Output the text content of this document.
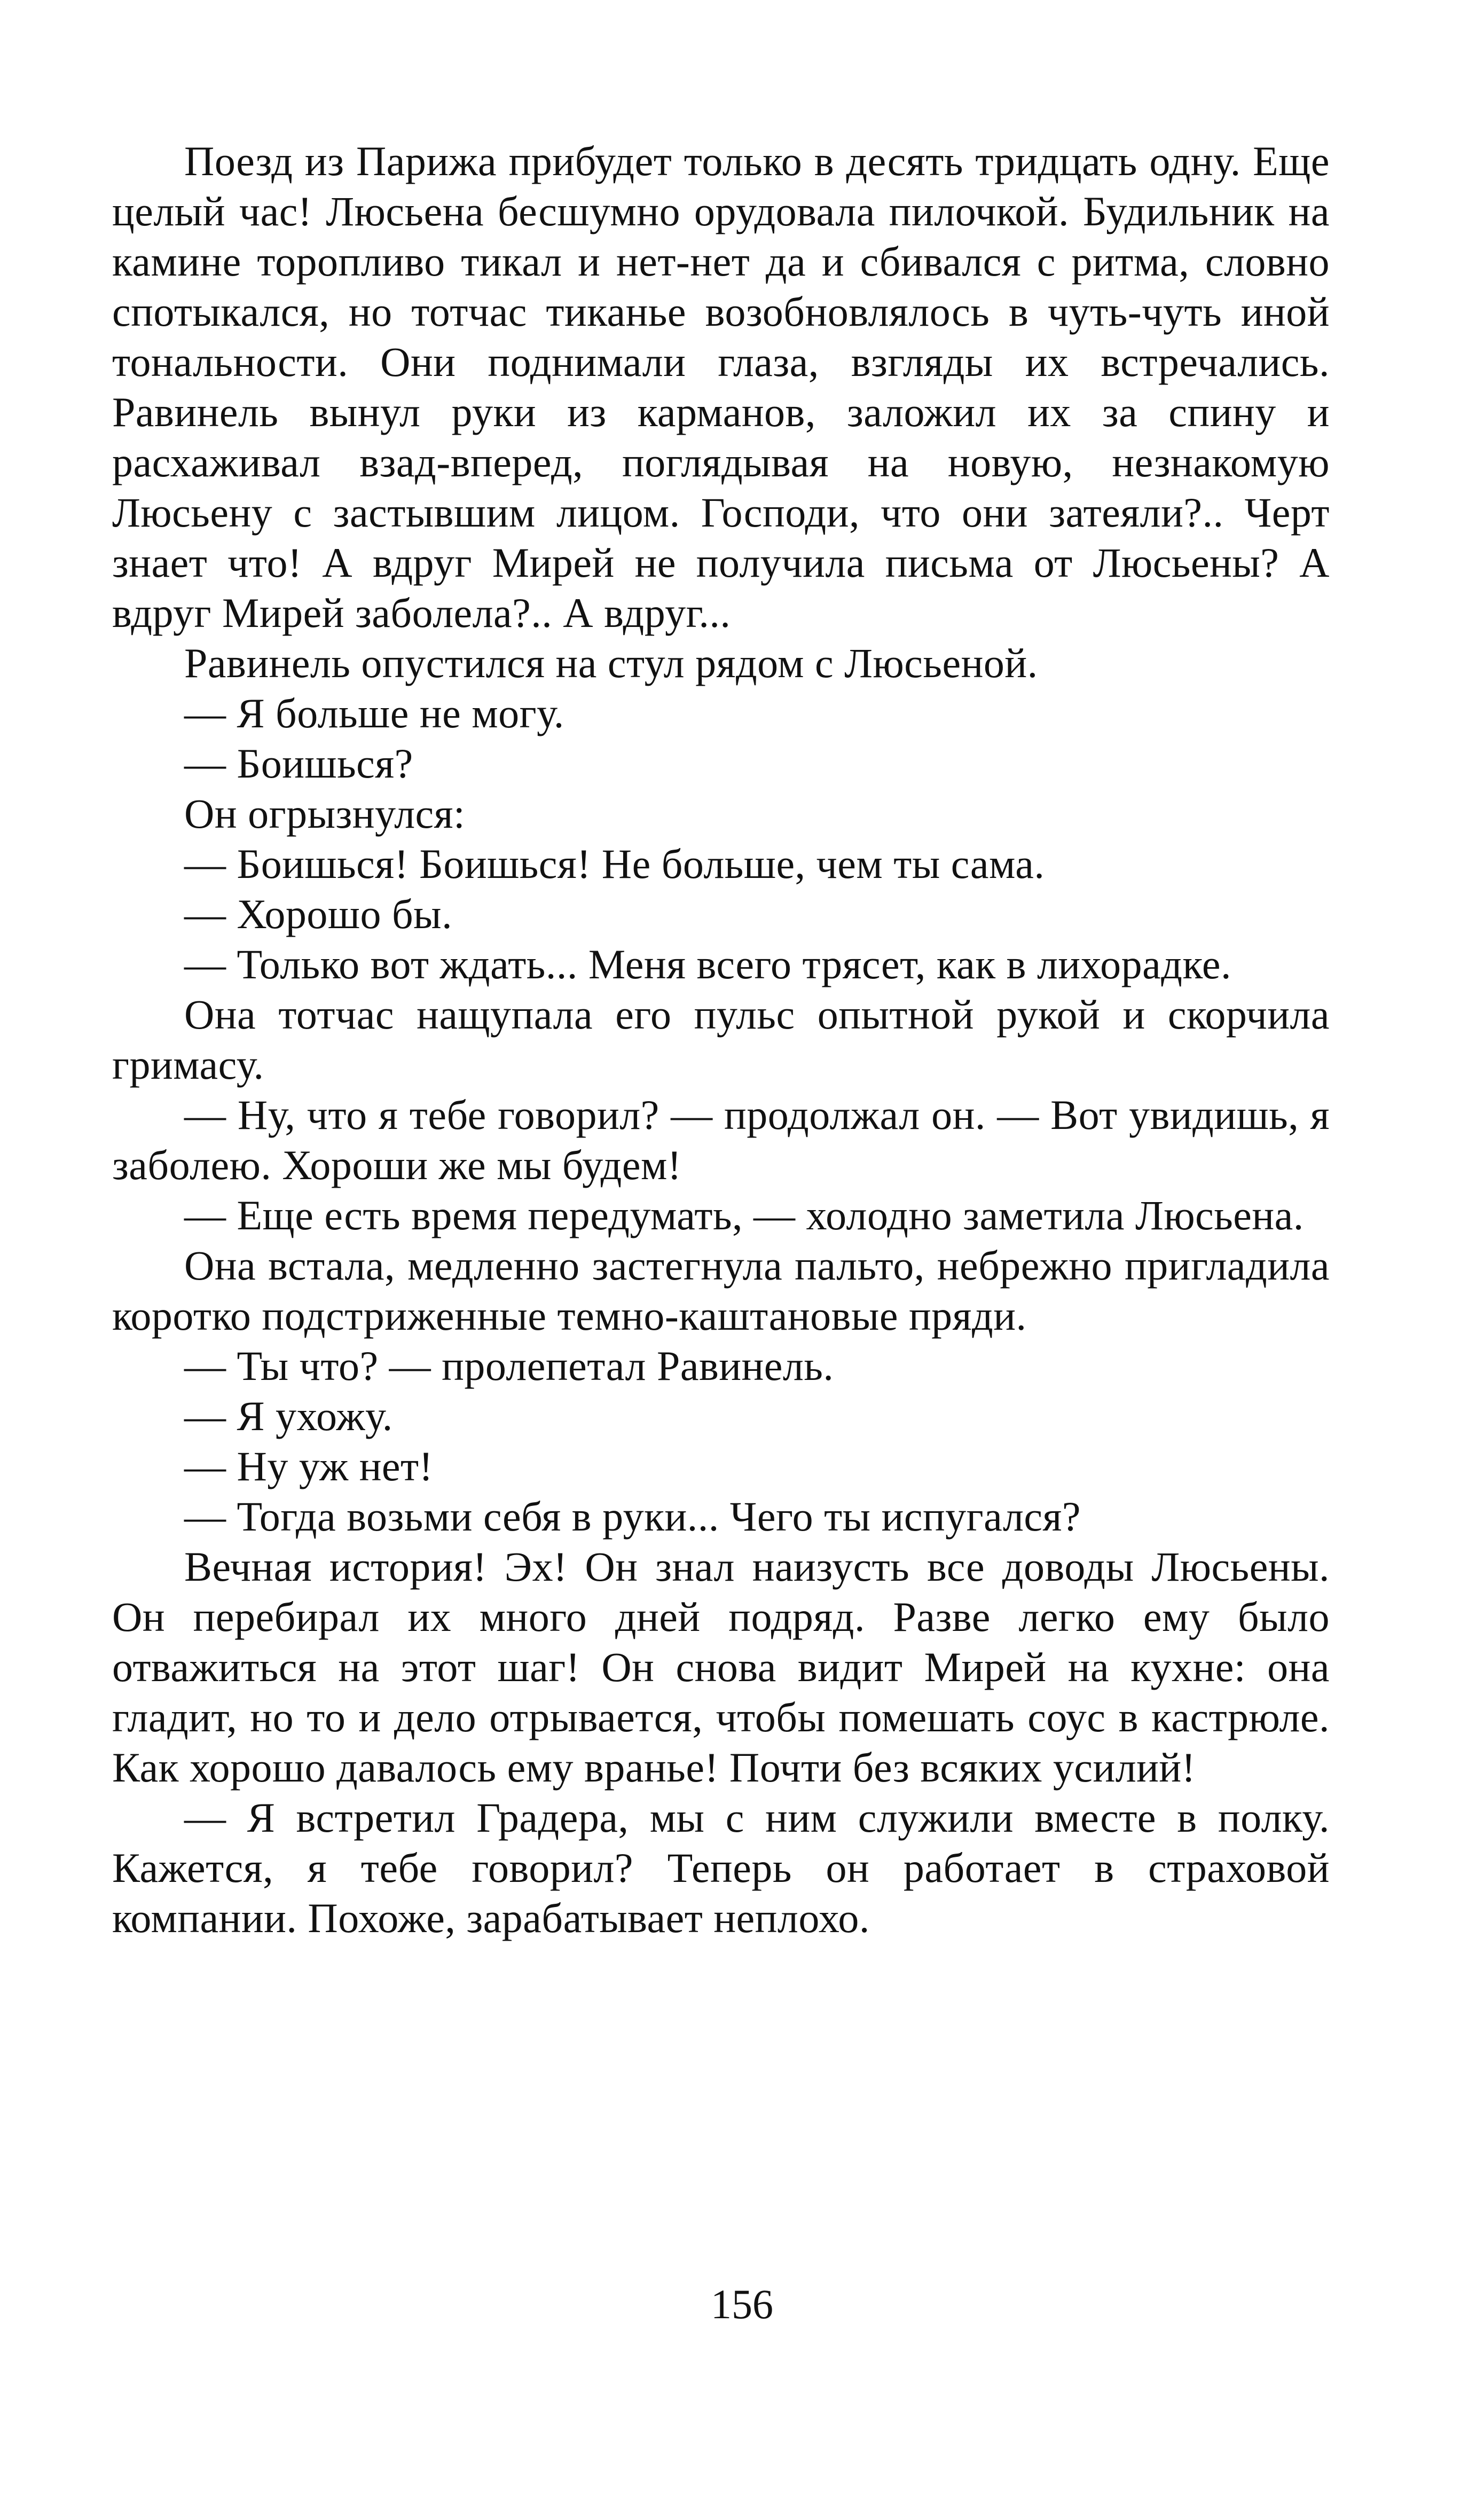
Поезд из Парижа прибудет только в десять тридцать одну. Еще целый час! Люсьена бесшумно орудовала пилочкой. Будильник на камине торопливо тикал и нет-нет да и сбивался с ритма, словно спотыкался, но тотчас тиканье возобновлялось в чуть-чуть иной тональности. Они поднимали глаза, взгляды их встречались. Равинель вынул руки из карманов, заложил их за спину и расхаживал взад-вперед, поглядывая на новую, незнакомую Люсьену с застывшим лицом. Господи, что они затеяли?.. Черт знает что! А вдруг Мирей не получила письма от Люсьены? А вдруг Мирей заболела?.. А вдруг...

Равинель опустился на стул рядом с Люсьеной.

— Я больше не могу.

— Боишься?

Он огрызнулся:

— Боишься! Боишься! Не больше, чем ты сама.

— Хорошо бы.

— Только вот ждать... Меня всего трясет, как в лихорадке.

Она тотчас нащупала его пульс опытной рукой и скорчила гримасу.

— Ну, что я тебе говорил? — продолжал он. — Вот увидишь, я заболею. Хороши же мы будем!

— Еще есть время передумать, — холодно заметила Люсьена.

Она встала, медленно застегнула пальто, небрежно пригладила коротко подстриженные темно-каштановые пряди.

— Ты что? — пролепетал Равинель.

— Я ухожу.

— Ну уж нет!

— Тогда возьми себя в руки... Чего ты испугался?

Вечная история! Эх! Он знал наизусть все доводы Люсьены. Он перебирал их много дней подряд. Разве легко ему было отважиться на этот шаг! Он снова видит Мирей на кухне: она гладит, но то и дело отрывается, чтобы помешать соус в кастрюле. Как хорошо давалось ему вранье! Почти без всяких усилий!

— Я встретил Градера, мы с ним служили вместе в полку. Кажется, я тебе говорил? Теперь он работает в страховой компании. Похоже, зарабатывает неплохо.

156
